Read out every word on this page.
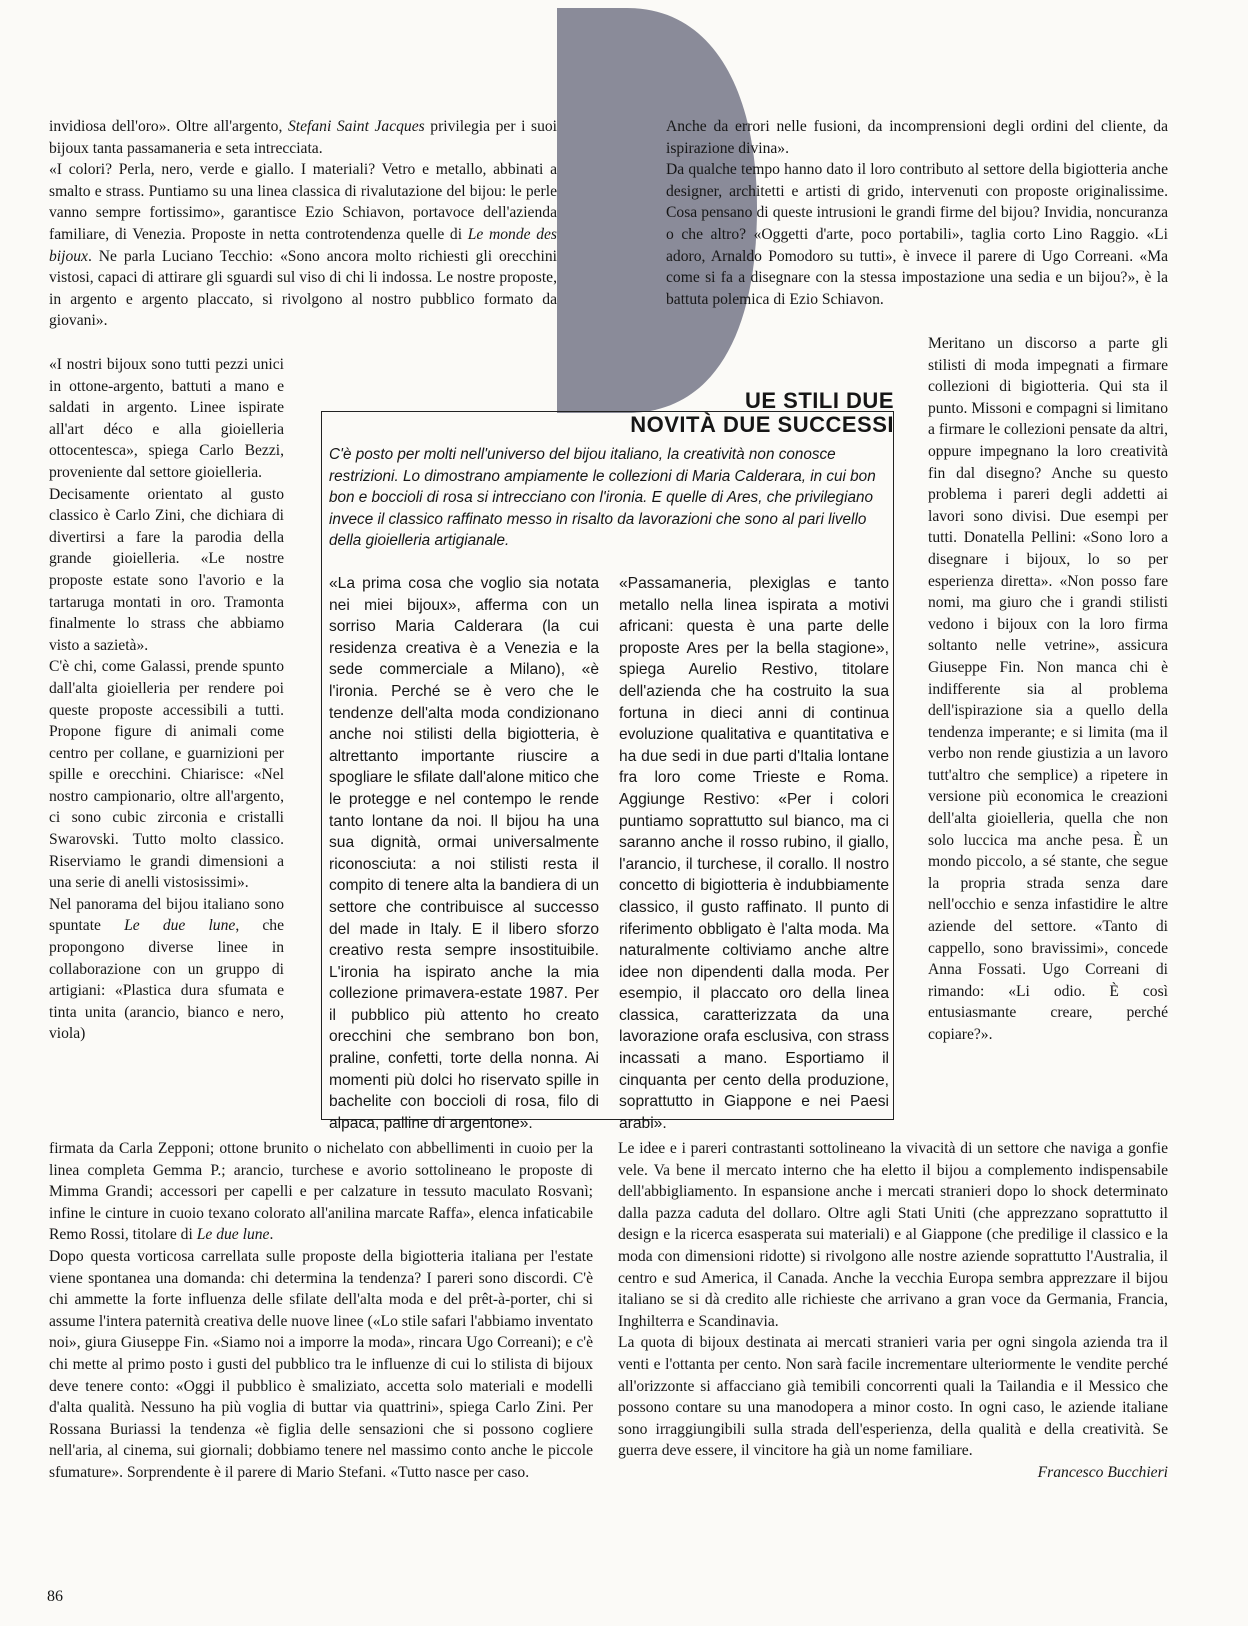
invidiosa dell'oro». Oltre all'argento, Stefani Saint Jacques privilegia per i suoi bijoux tanta passamaneria e seta intrecciata.

«I colori? Perla, nero, verde e giallo. I materiali? Vetro e metallo, abbinati a smalto e strass. Puntiamo su una linea classica di rivalutazione del bijou: le perle vanno sempre fortissimo», garantisce Ezio Schiavon, portavoce dell'azienda familiare, di Venezia. Proposte in netta controtendenza quelle di Le monde des bijoux. Ne parla Luciano Tecchio: «Sono ancora molto richiesti gli orecchini vistosi, capaci di attirare gli sguardi sul viso di chi li indossa. Le nostre proposte, in argento e argento placcato, si rivolgono al nostro pubblico formato da giovani».

«I nostri bijoux sono tutti pezzi unici in ottone-argento, battuti a mano e saldati in argento. Linee ispirate all'art déco e alla gioielleria ottocentesca», spiega Carlo Bezzi, proveniente dal settore gioielleria.

Decisamente orientato al gusto classico è Carlo Zini, che dichiara di divertirsi a fare la parodia della grande gioielleria. «Le nostre proposte estate sono l'avorio e la tartaruga montati in oro. Tramonta finalmente lo strass che abbiamo visto a sazietà».

C'è chi, come Galassi, prende spunto dall'alta gioielleria per rendere poi queste proposte accessibili a tutti. Propone figure di animali come centro per collane, e guarnizioni per spille e orecchini. Chiarisce: «Nel nostro campionario, oltre all'argento, ci sono cubic zirconia e cristalli Swarovski. Tutto molto classico. Riserviamo le grandi dimensioni a una serie di anelli vistosissimi».

Nel panorama del bijou italiano sono spuntate Le due lune, che propongono diverse linee in collaborazione con un gruppo di artigiani: «Plastica dura sfumata e tinta unita (arancio, bianco e nero, viola)

firmata da Carla Zepponi; ottone brunito o nichelato con abbellimenti in cuoio per la linea completa Gemma P.; arancio, turchese e avorio sottolineano le proposte di Mimma Grandi; accessori per capelli e per calzature in tessuto maculato Rosvanì; infine le cinture in cuoio texano colorato all'anilina marcate Raffa», elenca infaticabile Remo Rossi, titolare di Le due lune.

Dopo questa vorticosa carrellata sulle proposte della bigiotteria italiana per l'estate viene spontanea una domanda: chi determina la tendenza? I pareri sono discordi. C'è chi ammette la forte influenza delle sfilate dell'alta moda e del prêt-à-porter, chi si assume l'intera paternità creativa delle nuove linee («Lo stile safari l'abbiamo inventato noi», giura Giuseppe Fin. «Siamo noi a imporre la moda», rincara Ugo Correani); e c'è chi mette al primo posto i gusti del pubblico tra le influenze di cui lo stilista di bijoux deve tenere conto: «Oggi il pubblico è smaliziato, accetta solo materiali e modelli d'alta qualità. Nessuno ha più voglia di buttar via quattrini», spiega Carlo Zini. Per Rossana Buriassi la tendenza «è figlia delle sensazioni che si possono cogliere nell'aria, al cinema, sui giornali; dobbiamo tenere nel massimo conto anche le piccole sfumature». Sorprendente è il parere di Mario Stefani. «Tutto nasce per caso.

Anche da errori nelle fusioni, da incomprensioni degli ordini del cliente, da ispirazione divina».

Da qualche tempo hanno dato il loro contributo al settore della bigiotteria anche designer, architetti e artisti di grido, intervenuti con proposte originalissime. Cosa pensano di queste intrusioni le grandi firme del bijou? Invidia, noncuranza o che altro? «Oggetti d'arte, poco portabili», taglia corto Lino Raggio. «Li adoro, Arnaldo Pomodoro su tutti», è invece il parere di Ugo Correani. «Ma come si fa a disegnare con la stessa impostazione una sedia e un bijou?», è la battuta polemica di Ezio Schiavon.

Meritano un discorso a parte gli stilisti di moda impegnati a firmare collezioni di bigiotteria. Qui sta il punto. Missoni e compagni si limitano a firmare le collezioni pensate da altri, oppure impegnano la loro creatività fin dal disegno? Anche su questo problema i pareri degli addetti ai lavori sono divisi. Due esempi per tutti. Donatella Pellini: «Sono loro a disegnare i bijoux, lo so per esperienza diretta». «Non posso fare nomi, ma giuro che i grandi stilisti vedono i bijoux con la loro firma soltanto nelle vetrine», assicura Giuseppe Fin. Non manca chi è indifferente sia al problema dell'ispirazione sia a quello della tendenza imperante; e si limita (ma il verbo non rende giustizia a un lavoro tutt'altro che semplice) a ripetere in versione più economica le creazioni dell'alta gioielleria, quella che non solo luccica ma anche pesa. È un mondo piccolo, a sé stante, che segue la propria strada senza dare nell'occhio e senza infastidire le altre aziende del settore. «Tanto di cappello, sono bravissimi», concede Anna Fossati. Ugo Correani di rimando: «Li odio. È così entusiasmante creare, perché copiare?».

Le idee e i pareri contrastanti sottolineano la vivacità di un settore che naviga a gonfie vele. Va bene il mercato interno che ha eletto il bijou a complemento indispensabile dell'abbigliamento. In espansione anche i mercati stranieri dopo lo shock determinato dalla pazza caduta del dollaro. Oltre agli Stati Uniti (che apprezzano soprattutto il design e la ricerca esasperata sui materiali) e al Giappone (che predilige il classico e la moda con dimensioni ridotte) si rivolgono alle nostre aziende soprattutto l'Australia, il centro e sud America, il Canada. Anche la vecchia Europa sembra apprezzare il bijou italiano se si dà credito alle richieste che arrivano a gran voce da Germania, Francia, Inghilterra e Scandinavia.

La quota di bijoux destinata ai mercati stranieri varia per ogni singola azienda tra il venti e l'ottanta per cento. Non sarà facile incrementare ulteriormente le vendite perché all'orizzonte si affacciano già temibili concorrenti quali la Tailandia e il Messico che possono contare su una manodopera a minor costo. In ogni caso, le aziende italiane sono irraggiungibili sulla strada dell'esperienza, della qualità e della creatività. Se guerra deve essere, il vincitore ha già un nome familiare.

Francesco Bucchieri

UE STILI DUE
NOVITÀ DUE SUCCESSI
C'è posto per molti nell'universo del bijou italiano, la creatività non conosce restrizioni. Lo dimostrano ampiamente le collezioni di Maria Calderara, in cui bon bon e boccioli di rosa si intrecciano con l'ironia. E quelle di Ares, che privilegiano invece il classico raffinato messo in risalto da lavorazioni che sono al pari livello della gioielleria artigianale.
«La prima cosa che voglio sia notata nei miei bijoux», afferma con un sorriso Maria Calderara (la cui residenza creativa è a Venezia e la sede commerciale a Milano), «è l'ironia. Perché se è vero che le tendenze dell'alta moda condizionano anche noi stilisti della bigiotteria, è altrettanto importante riuscire a spogliare le sfilate dall'alone mitico che le protegge e nel contempo le rende tanto lontane da noi. Il bijou ha una sua dignità, ormai universalmente riconosciuta: a noi stilisti resta il compito di tenere alta la bandiera di un settore che contribuisce al successo del made in Italy. E il libero sforzo creativo resta sempre insostituibile. L'ironia ha ispirato anche la mia collezione primavera-estate 1987. Per il pubblico più attento ho creato orecchini che sembrano bon bon, praline, confetti, torte della nonna. Ai momenti più dolci ho riservato spille in bachelite con boccioli di rosa, filo di alpaca, palline di argentone».
«Passamaneria, plexiglas e tanto metallo nella linea ispirata a motivi africani: questa è una parte delle proposte Ares per la bella stagione», spiega Aurelio Restivo, titolare dell'azienda che ha costruito la sua fortuna in dieci anni di continua evoluzione qualitativa e quantitativa e ha due sedi in due parti d'Italia lontane fra loro come Trieste e Roma. Aggiunge Restivo: «Per i colori puntiamo soprattutto sul bianco, ma ci saranno anche il rosso rubino, il giallo, l'arancio, il turchese, il corallo. Il nostro concetto di bigiotteria è indubbiamente classico, il gusto raffinato. Il punto di riferimento obbligato è l'alta moda. Ma naturalmente coltiviamo anche altre idee non dipendenti dalla moda. Per esempio, il placcato oro della linea classica, caratterizzata da una lavorazione orafa esclusiva, con strass incassati a mano. Esportiamo il cinquanta per cento della produzione, soprattutto in Giappone e nei Paesi arabi».
86
